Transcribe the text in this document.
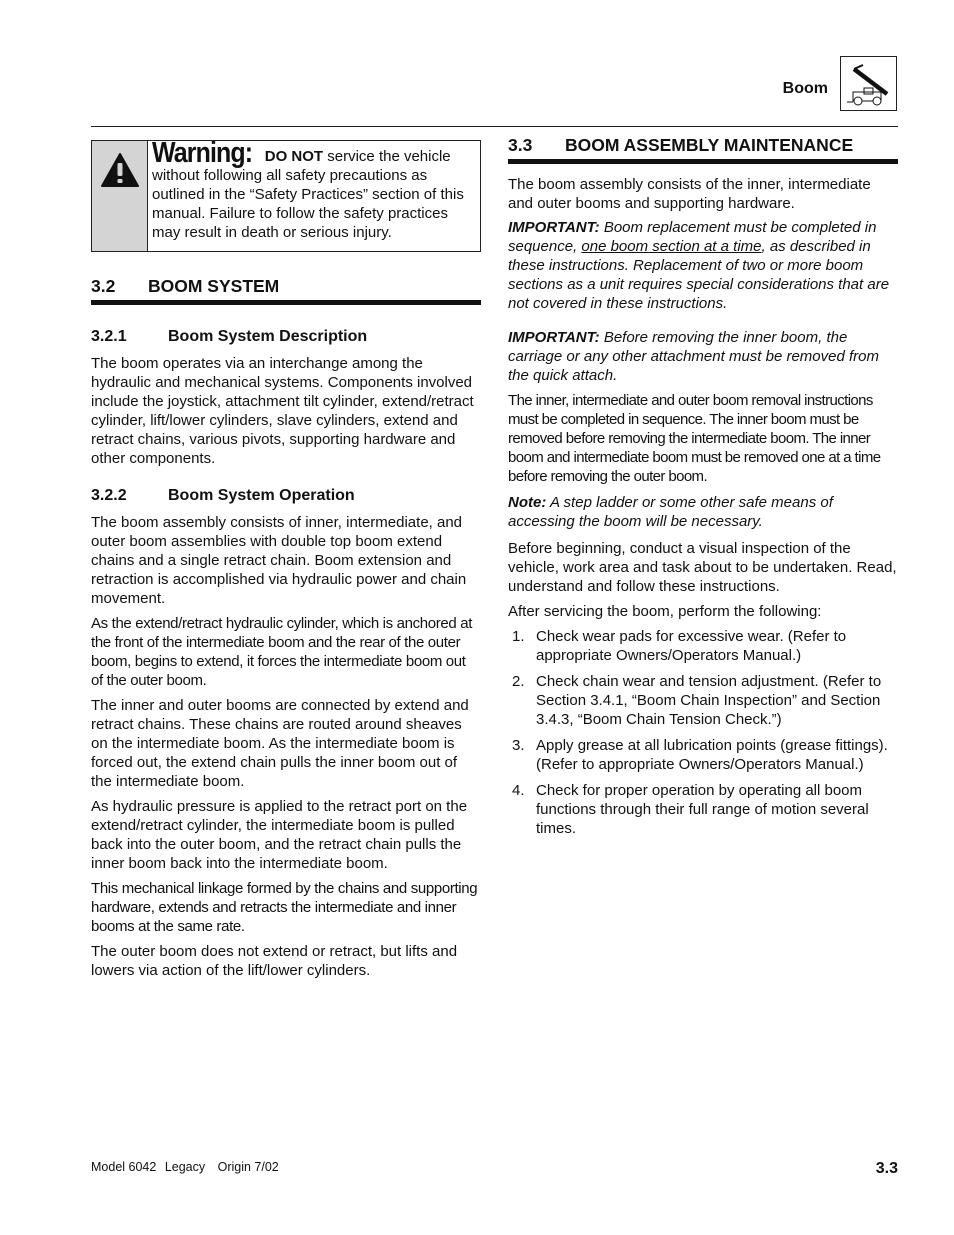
Boom
Warning: DO NOT service the vehicle without following all safety precautions as outlined in the “Safety Practices” section of this manual. Failure to follow the safety practices may result in death or serious injury.
3.2	BOOM SYSTEM
3.2.1	Boom System Description

The boom operates via an interchange among the hydraulic and mechanical systems. Components involved include the joystick, attachment tilt cylinder, extend/retract cylinder, lift/lower cylinders, slave cylinders, extend and retract chains, various pivots, supporting hardware and other components.

3.2.2	Boom System Operation

The boom assembly consists of inner, intermediate, and outer boom assemblies with double top boom extend chains and a single retract chain. Boom extension and retraction is accomplished via hydraulic power and chain movement.

As the extend/retract hydraulic cylinder, which is anchored at the front of the intermediate boom and the rear of the outer boom, begins to extend, it forces the intermediate boom out of the outer boom.

The inner and outer booms are connected by extend and retract chains. These chains are routed around sheaves on the intermediate boom. As the intermediate boom is forced out, the extend chain pulls the inner boom out of the intermediate boom.

As hydraulic pressure is applied to the retract port on the extend/retract cylinder, the intermediate boom is pulled back into the outer boom, and the retract chain pulls the inner boom back into the intermediate boom.

This mechanical linkage formed by the chains and supporting hardware, extends and retracts the intermediate and inner booms at the same rate.

The outer boom does not extend or retract, but lifts and lowers via action of the lift/lower cylinders.

3.3	BOOM ASSEMBLY MAINTENANCE

The boom assembly consists of the inner, intermediate and outer booms and supporting hardware.

IMPORTANT: Boom replacement must be completed in sequence, one boom section at a time, as described in these instructions. Replacement of two or more boom sections as a unit requires special considerations that are not covered in these instructions.

IMPORTANT: Before removing the inner boom, the carriage or any other attachment must be removed from the quick attach.

The inner, intermediate and outer boom removal instructions must be completed in sequence. The inner boom must be removed before removing the intermediate boom. The inner boom and intermediate boom must be removed one at a time before removing the outer boom.

Note: A step ladder or some other safe means of accessing the boom will be necessary.

Before beginning, conduct a visual inspection of the vehicle, work area and task about to be undertaken. Read, understand and follow these instructions.

After servicing the boom, perform the following:

1. Check wear pads for excessive wear. (Refer to appropriate Owners/Operators Manual.)
2. Check chain wear and tension adjustment. (Refer to Section 3.4.1, “Boom Chain Inspection” and Section 3.4.3, “Boom Chain Tension Check.”)
3. Apply grease at all lubrication points (grease fittings). (Refer to appropriate Owners/Operators Manual.)
4. Check for proper operation by operating all boom functions through their full range of motion several times.
Model 6042 Legacy Origin 7/02	3.3
